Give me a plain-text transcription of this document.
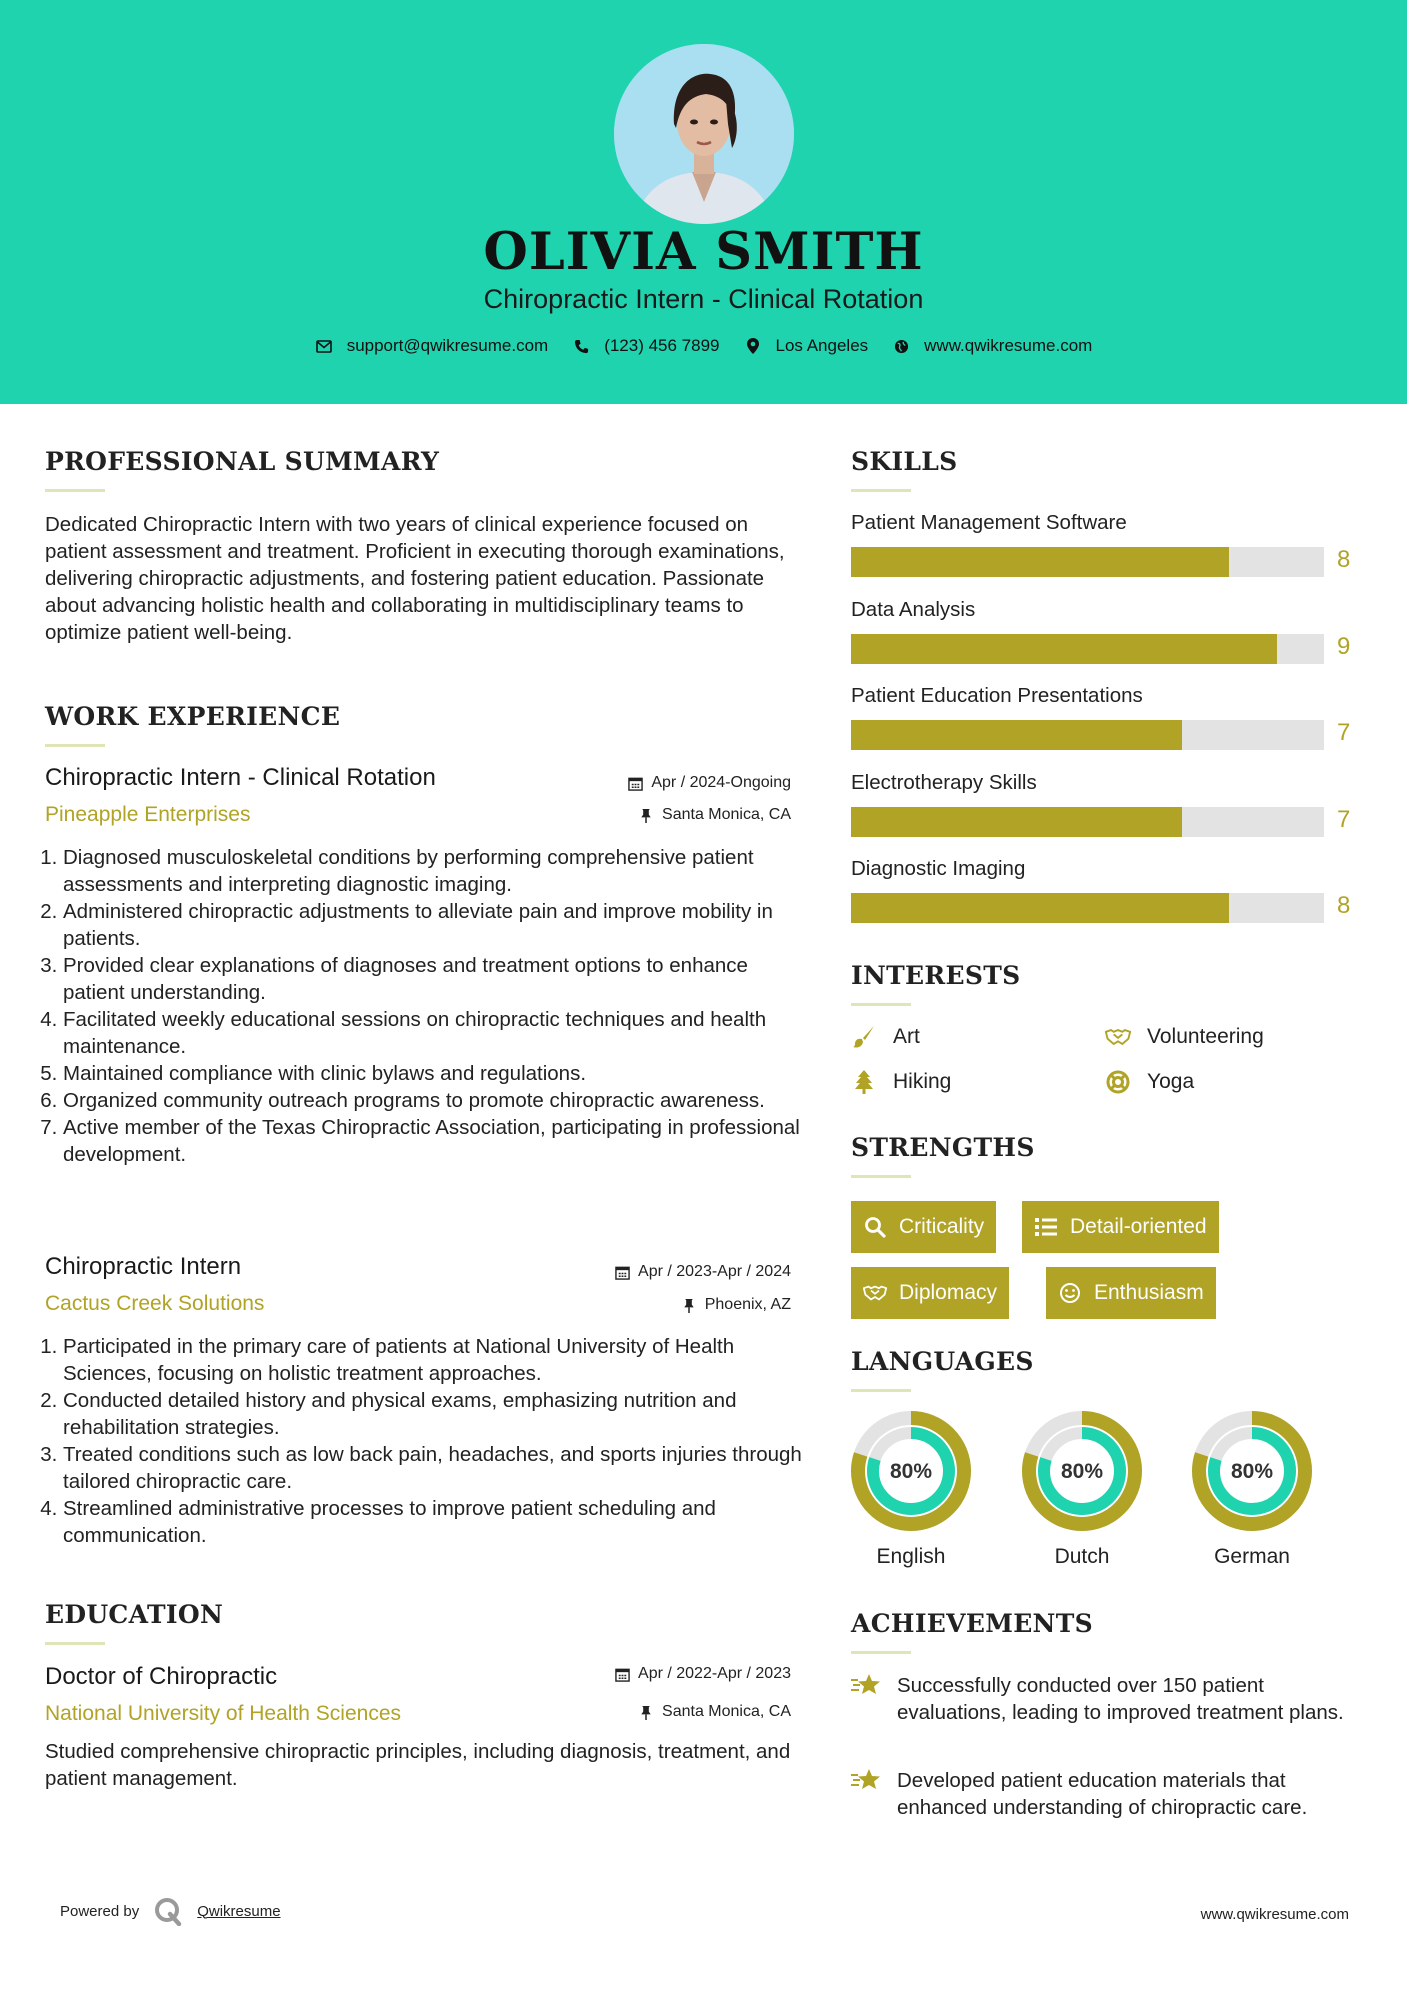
OLIVIA SMITH
Chiropractic Intern - Clinical Rotation
support@qwikresume.com	(123) 456 7899	Los Angeles	www.qwikresume.com
PROFESSIONAL SUMMARY
Dedicated Chiropractic Intern with two years of clinical experience focused on patient assessment and treatment. Proficient in executing thorough examinations, delivering chiropractic adjustments, and fostering patient education. Passionate about advancing holistic health and collaborating in multidisciplinary teams to optimize patient well-being.
WORK EXPERIENCE
Chiropractic Intern - Clinical Rotation	Apr / 2024-Ongoing
Pineapple Enterprises	Santa Monica, CA
1. Diagnosed musculoskeletal conditions by performing comprehensive patient assessments and interpreting diagnostic imaging.
2. Administered chiropractic adjustments to alleviate pain and improve mobility in patients.
3. Provided clear explanations of diagnoses and treatment options to enhance patient understanding.
4. Facilitated weekly educational sessions on chiropractic techniques and health maintenance.
5. Maintained compliance with clinic bylaws and regulations.
6. Organized community outreach programs to promote chiropractic awareness.
7. Active member of the Texas Chiropractic Association, participating in professional development.
Chiropractic Intern	Apr / 2023-Apr / 2024
Cactus Creek Solutions	Phoenix, AZ
1. Participated in the primary care of patients at National University of Health Sciences, focusing on holistic treatment approaches.
2. Conducted detailed history and physical exams, emphasizing nutrition and rehabilitation strategies.
3. Treated conditions such as low back pain, headaches, and sports injuries through tailored chiropractic care.
4. Streamlined administrative processes to improve patient scheduling and communication.
EDUCATION
Doctor of Chiropractic	Apr / 2022-Apr / 2023
National University of Health Sciences	Santa Monica, CA
Studied comprehensive chiropractic principles, including diagnosis, treatment, and patient management.
SKILLS
Patient Management Software
8
Data Analysis
9
Patient Education Presentations
7
Electrotherapy Skills
7
Diagnostic Imaging
8
INTERESTS
Art	Volunteering
Hiking	Yoga
STRENGTHS
Criticality	Detail-oriented
Diplomacy	Enthusiasm
LANGUAGES
80%
English
80%
Dutch
80%
German
ACHIEVEMENTS
Successfully conducted over 150 patient evaluations, leading to improved treatment plans.
Developed patient education materials that enhanced understanding of chiropractic care.
Powered by	Qwikresume	www.qwikresume.com
